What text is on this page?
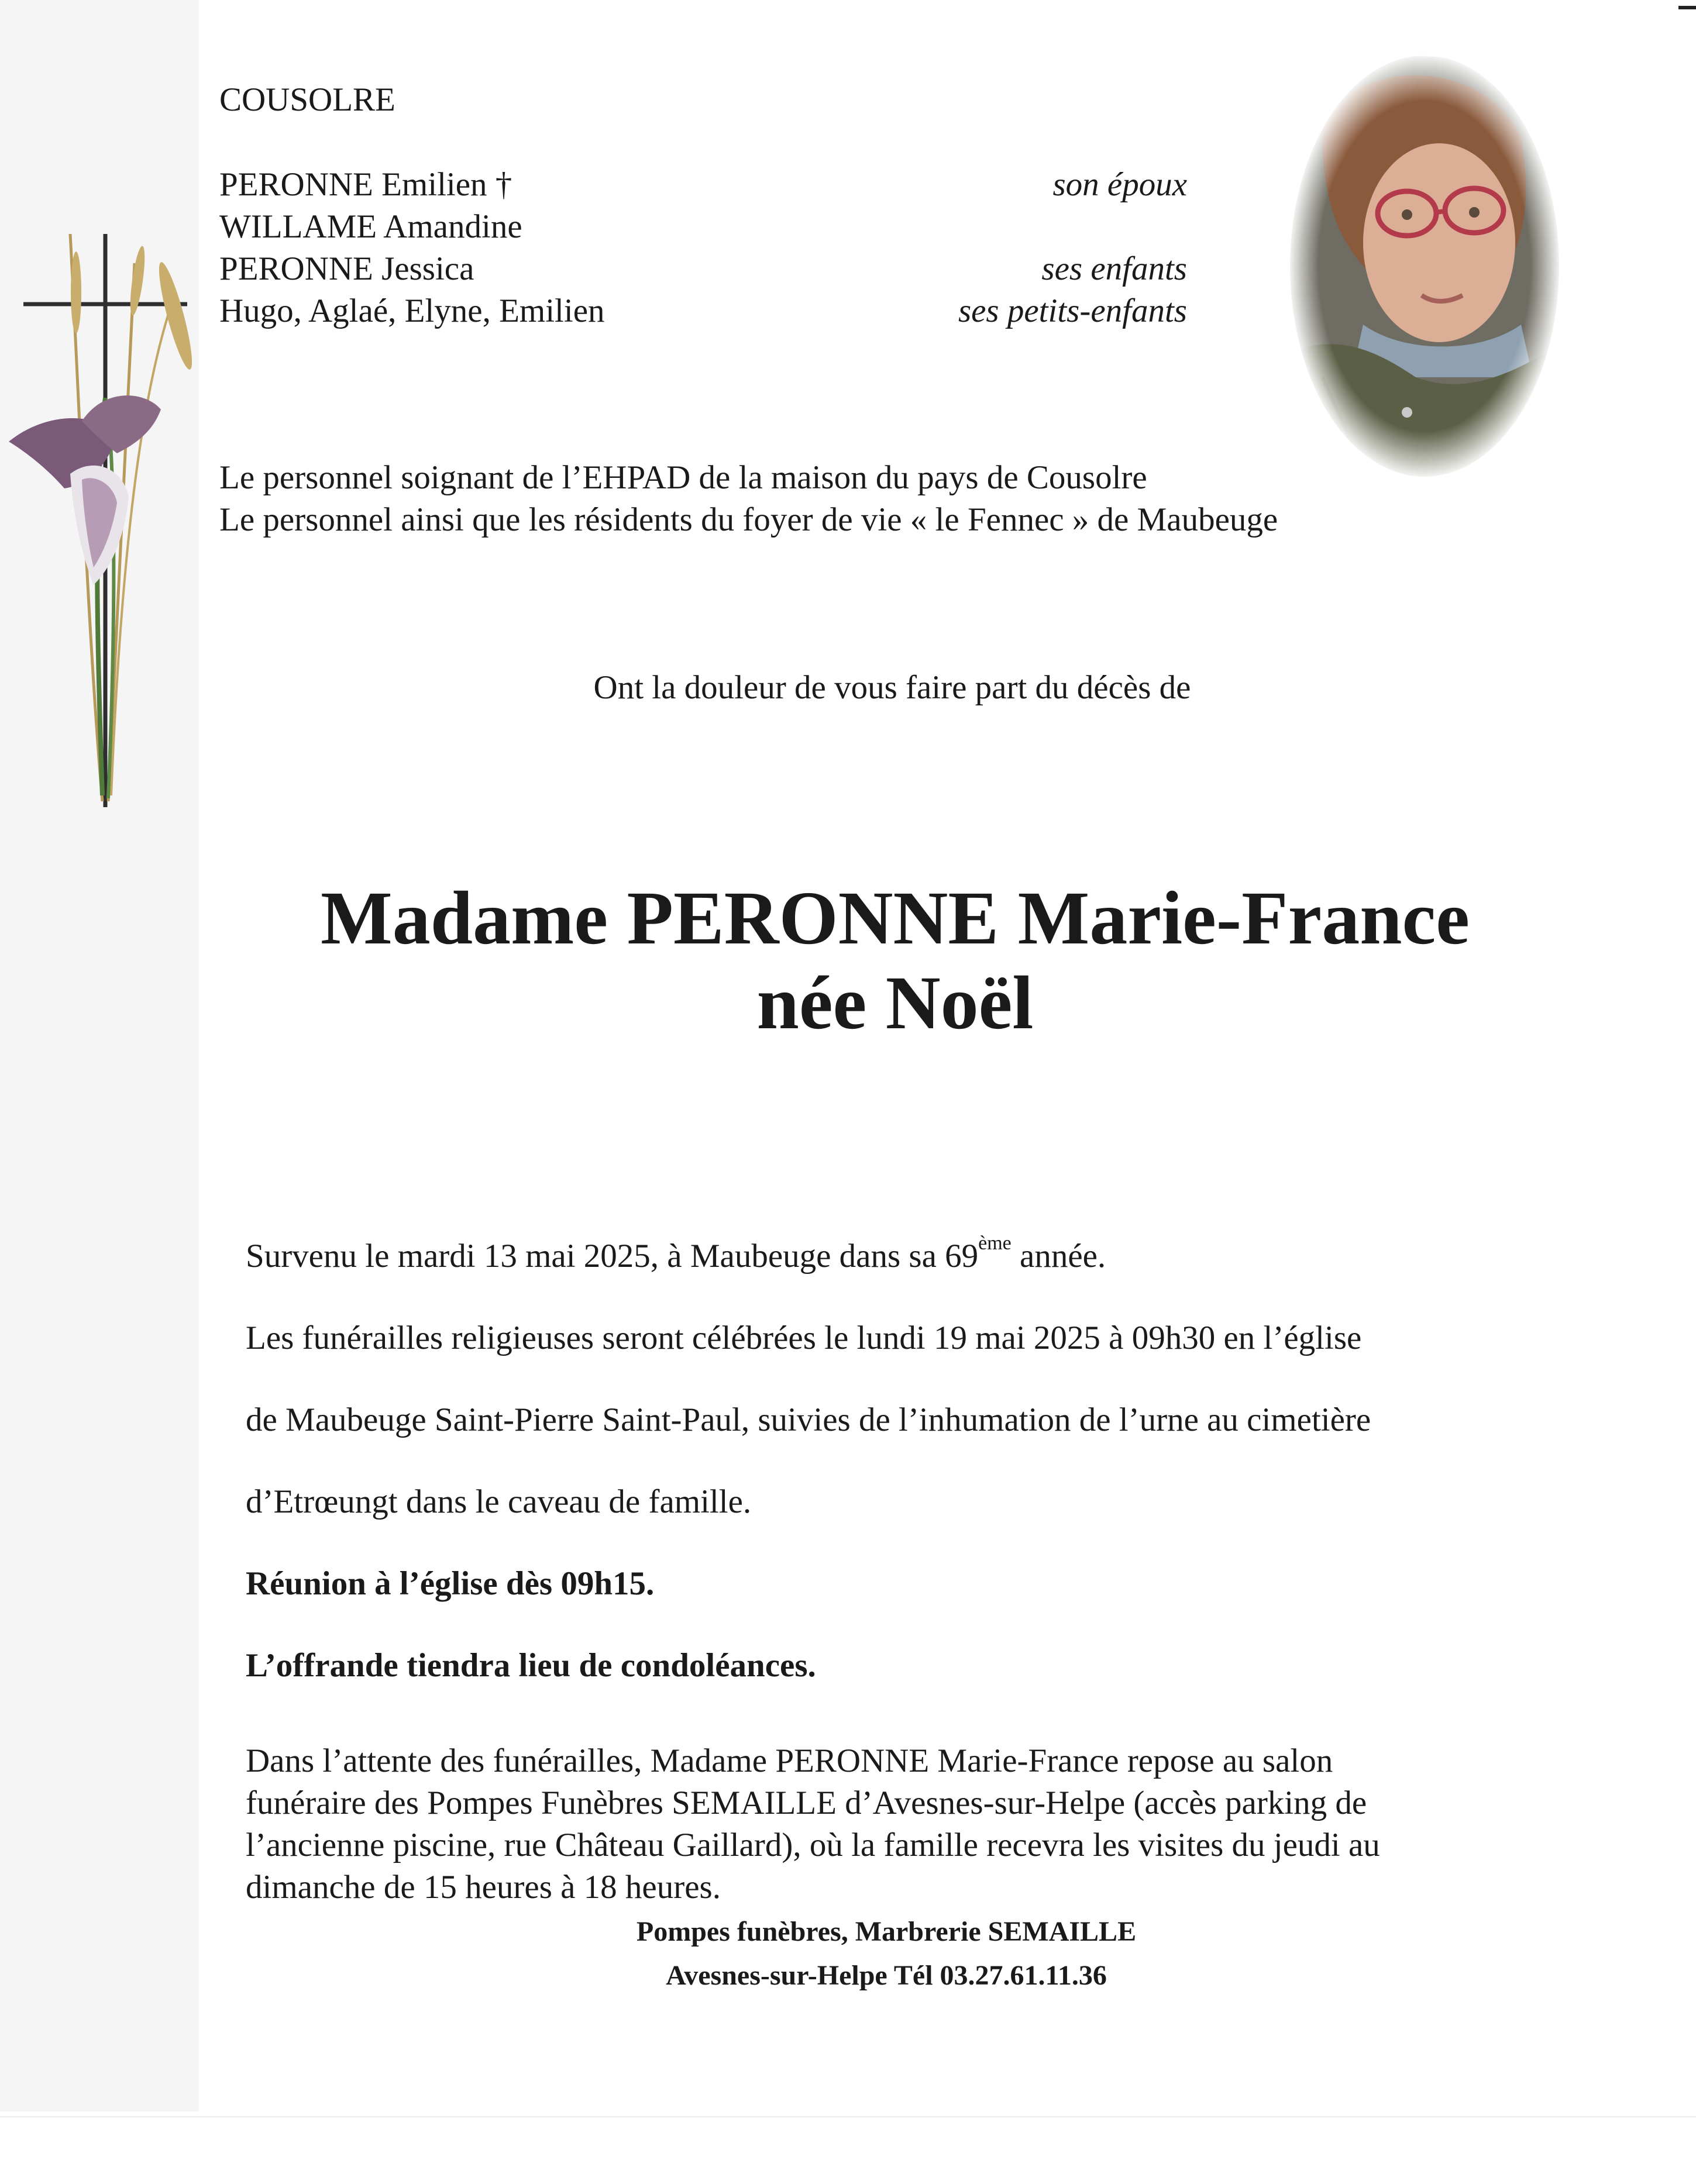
COUSOLRE
PERONNE Emilien †
WILLAME Amandine
PERONNE Jessica
Hugo, Aglaé, Elyne, Emilien
son époux
ses enfants
ses petits-enfants
Le personnel soignant de l’EHPAD de la maison du pays de Cousolre
Le personnel ainsi que les résidents du foyer de vie « le Fennec » de Maubeuge
Ont la douleur de vous faire part du décès de
Madame PERONNE Marie-France
née Noël
Survenu le mardi 13 mai 2025, à Maubeuge dans sa 69ème année.
Les funérailles religieuses seront célébrées le lundi 19 mai 2025 à 09h30 en l’église
de Maubeuge Saint-Pierre Saint-Paul, suivies de l’inhumation de l’urne au cimetière
d’Etrœungt dans le caveau de famille.
Réunion à l’église dès 09h15.
L’offrande tiendra lieu de condoléances.
Dans l’attente des funérailles, Madame PERONNE Marie-France repose au salon
funéraire des Pompes Funèbres SEMAILLE d’Avesnes-sur-Helpe (accès parking de
l’ancienne piscine, rue Château Gaillard), où la famille recevra les visites du jeudi au
dimanche de 15 heures à 18 heures.
Pompes funèbres, Marbrerie SEMAILLE
Avesnes-sur-Helpe Tél 03.27.61.11.36
